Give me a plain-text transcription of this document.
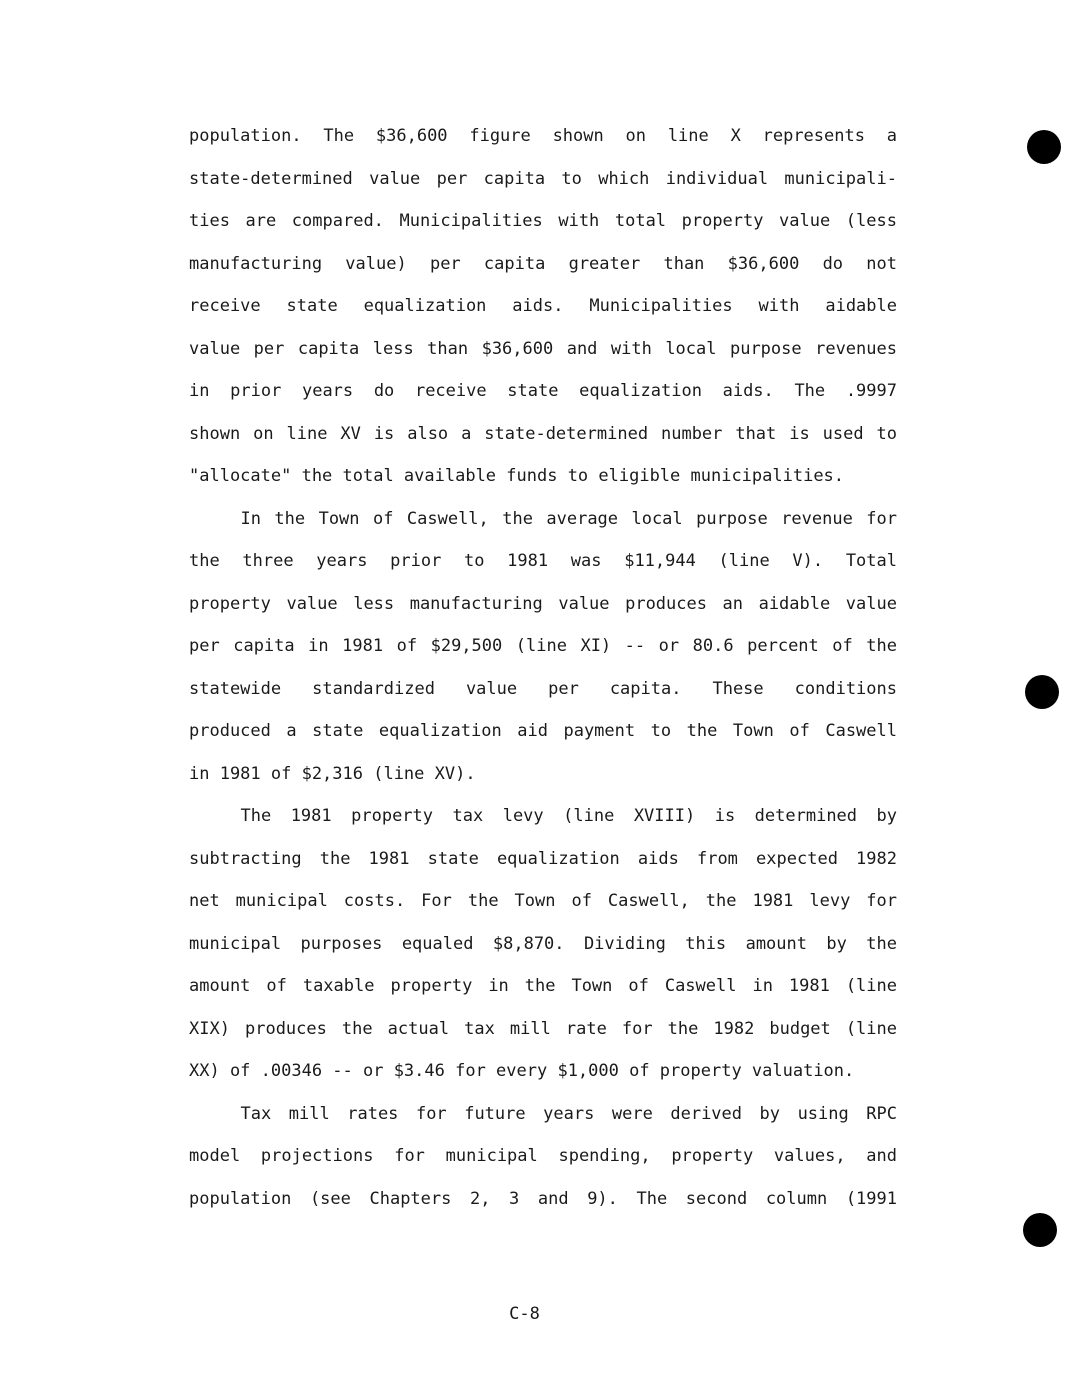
population. The $36,600 figure shown on line X represents a
state-determined value per capita to which individual municipali-
ties are compared. Municipalities with total property value (less
manufacturing value) per capita greater than $36,600 do not
receive state equalization aids. Municipalities with aidable
value per capita less than $36,600 and with local purpose revenues
in prior years do receive state equalization aids. The .9997
shown on line XV is also a state-determined number that is used to
"allocate" the total available funds to eligible municipalities.
In the Town of Caswell, the average local purpose revenue for
the three years prior to 1981 was $11,944 (line V). Total
property value less manufacturing value produces an aidable value
per capita in 1981 of $29,500 (line XI) -- or 80.6 percent of the
statewide standardized value per capita. These conditions
produced a state equalization aid payment to the Town of Caswell
in 1981 of $2,316 (line XV).
The 1981 property tax levy (line XVIII) is determined by
subtracting the 1981 state equalization aids from expected 1982
net municipal costs. For the Town of Caswell, the 1981 levy for
municipal purposes equaled $8,870. Dividing this amount by the
amount of taxable property in the Town of Caswell in 1981 (line
XIX) produces the actual tax mill rate for the 1982 budget (line
XX) of .00346 -- or $3.46 for every $1,000 of property valuation.
Tax mill rates for future years were derived by using RPC
model projections for municipal spending, property values, and
population (see Chapters 2, 3 and 9). The second column (1991
C-8
